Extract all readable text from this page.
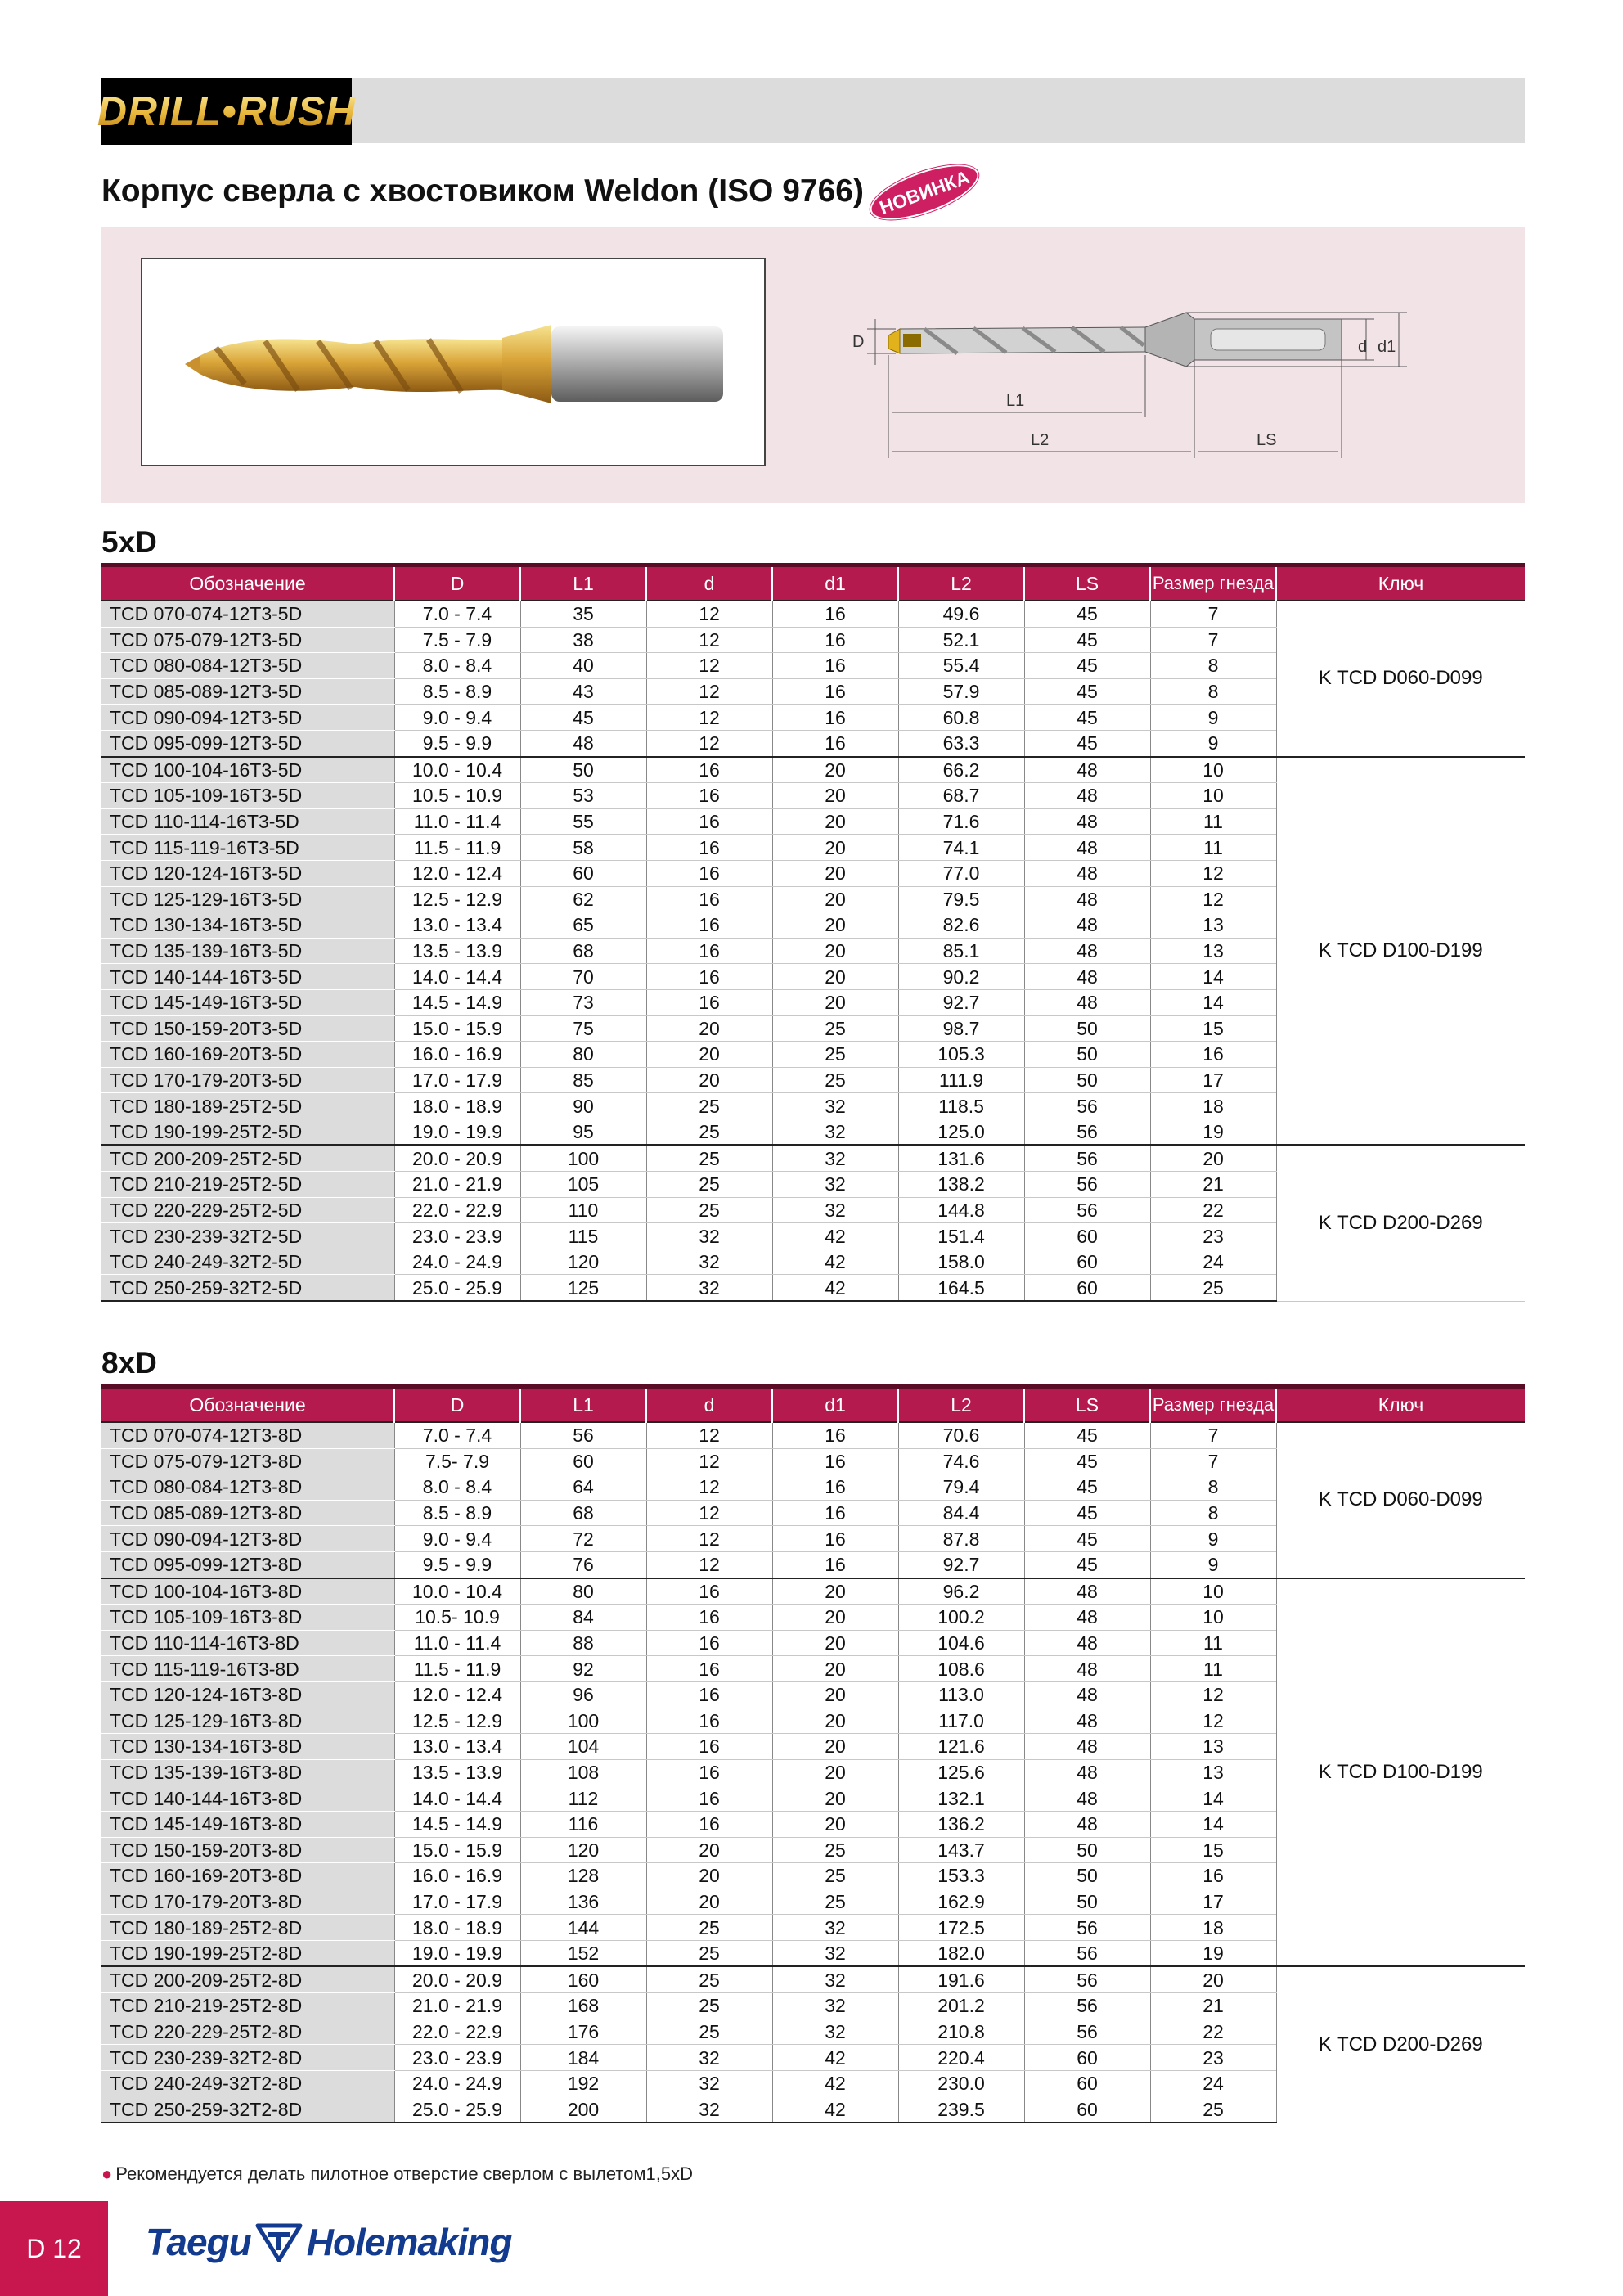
DRILL•RUSH
Корпус сверла с хвостовиком Weldon (ISO 9766) НОВИНКА
D	d d1
L1
L2	LS
5xD
Обозначение	D	L1	d	d1	L2	LS	Размер гнезда	Ключ
TCD 070-074-12T3-5D	7.0 - 7.4	35	12	16	49.6	45	7	K TCD D060-D099
TCD 075-079-12T3-5D	7.5 - 7.9	38	12	16	52.1	45	7	
TCD 080-084-12T3-5D	8.0 - 8.4	40	12	16	55.4	45	8	
TCD 085-089-12T3-5D	8.5 - 8.9	43	12	16	57.9	45	8	
TCD 090-094-12T3-5D	9.0 - 9.4	45	12	16	60.8	45	9	
TCD 095-099-12T3-5D	9.5 - 9.9	48	12	16	63.3	45	9	
TCD 100-104-16T3-5D	10.0 - 10.4	50	16	20	66.2	48	10	K TCD D100-D199
TCD 105-109-16T3-5D	10.5 - 10.9	53	16	20	68.7	48	10	
TCD 110-114-16T3-5D	11.0 - 11.4	55	16	20	71.6	48	11	
TCD 115-119-16T3-5D	11.5 - 11.9	58	16	20	74.1	48	11	
TCD 120-124-16T3-5D	12.0 - 12.4	60	16	20	77.0	48	12	
TCD 125-129-16T3-5D	12.5 - 12.9	62	16	20	79.5	48	12	
TCD 130-134-16T3-5D	13.0 - 13.4	65	16	20	82.6	48	13	
TCD 135-139-16T3-5D	13.5 - 13.9	68	16	20	85.1	48	13	
TCD 140-144-16T3-5D	14.0 - 14.4	70	16	20	90.2	48	14	
TCD 145-149-16T3-5D	14.5 - 14.9	73	16	20	92.7	48	14	
TCD 150-159-20T3-5D	15.0 - 15.9	75	20	25	98.7	50	15	
TCD 160-169-20T3-5D	16.0 - 16.9	80	20	25	105.3	50	16	
TCD 170-179-20T3-5D	17.0 - 17.9	85	20	25	111.9	50	17	
TCD 180-189-25T2-5D	18.0 - 18.9	90	25	32	118.5	56	18	
TCD 190-199-25T2-5D	19.0 - 19.9	95	25	32	125.0	56	19	
TCD 200-209-25T2-5D	20.0 - 20.9	100	25	32	131.6	56	20	K TCD D200-D269
TCD 210-219-25T2-5D	21.0 - 21.9	105	25	32	138.2	56	21	
TCD 220-229-25T2-5D	22.0 - 22.9	110	25	32	144.8	56	22	
TCD 230-239-32T2-5D	23.0 - 23.9	115	32	42	151.4	60	23	
TCD 240-249-32T2-5D	24.0 - 24.9	120	32	42	158.0	60	24	
TCD 250-259-32T2-5D	25.0 - 25.9	125	32	42	164.5	60	25	
8xD
Обозначение	D	L1	d	d1	L2	LS	Размер гнезда	Ключ
TCD 070-074-12T3-8D	7.0 - 7.4	56	12	16	70.6	45	7	K TCD D060-D099
TCD 075-079-12T3-8D	7.5- 7.9	60	12	16	74.6	45	7	
TCD 080-084-12T3-8D	8.0 - 8.4	64	12	16	79.4	45	8	
TCD 085-089-12T3-8D	8.5 - 8.9	68	12	16	84.4	45	8	
TCD 090-094-12T3-8D	9.0 - 9.4	72	12	16	87.8	45	9	
TCD 095-099-12T3-8D	9.5 - 9.9	76	12	16	92.7	45	9	
TCD 100-104-16T3-8D	10.0 - 10.4	80	16	20	96.2	48	10	K TCD D100-D199
TCD 105-109-16T3-8D	10.5- 10.9	84	16	20	100.2	48	10	
TCD 110-114-16T3-8D	11.0 - 11.4	88	16	20	104.6	48	11	
TCD 115-119-16T3-8D	11.5 - 11.9	92	16	20	108.6	48	11	
TCD 120-124-16T3-8D	12.0 - 12.4	96	16	20	113.0	48	12	
TCD 125-129-16T3-8D	12.5 - 12.9	100	16	20	117.0	48	12	
TCD 130-134-16T3-8D	13.0 - 13.4	104	16	20	121.6	48	13	
TCD 135-139-16T3-8D	13.5 - 13.9	108	16	20	125.6	48	13	
TCD 140-144-16T3-8D	14.0 - 14.4	112	16	20	132.1	48	14	
TCD 145-149-16T3-8D	14.5 - 14.9	116	16	20	136.2	48	14	
TCD 150-159-20T3-8D	15.0 - 15.9	120	20	25	143.7	50	15	
TCD 160-169-20T3-8D	16.0 - 16.9	128	20	25	153.3	50	16	
TCD 170-179-20T3-8D	17.0 - 17.9	136	20	25	162.9	50	17	
TCD 180-189-25T2-8D	18.0 - 18.9	144	25	32	172.5	56	18	
TCD 190-199-25T2-8D	19.0 - 19.9	152	25	32	182.0	56	19	
TCD 200-209-25T2-8D	20.0 - 20.9	160	25	32	191.6	56	20	K TCD D200-D269
TCD 210-219-25T2-8D	21.0 - 21.9	168	25	32	201.2	56	21	
TCD 220-229-25T2-8D	22.0 - 22.9	176	25	32	210.8	56	22	
TCD 230-239-32T2-8D	23.0 - 23.9	184	32	42	220.4	60	23	
TCD 240-249-32T2-8D	24.0 - 24.9	192	32	42	230.0	60	24	
TCD 250-259-32T2-8D	25.0 - 25.9	200	32	42	239.5	60	25	
● Рекомендуется делать пилотное отверстие сверлом с вылетом1,5xD
D 12	Taegu Holemaking
